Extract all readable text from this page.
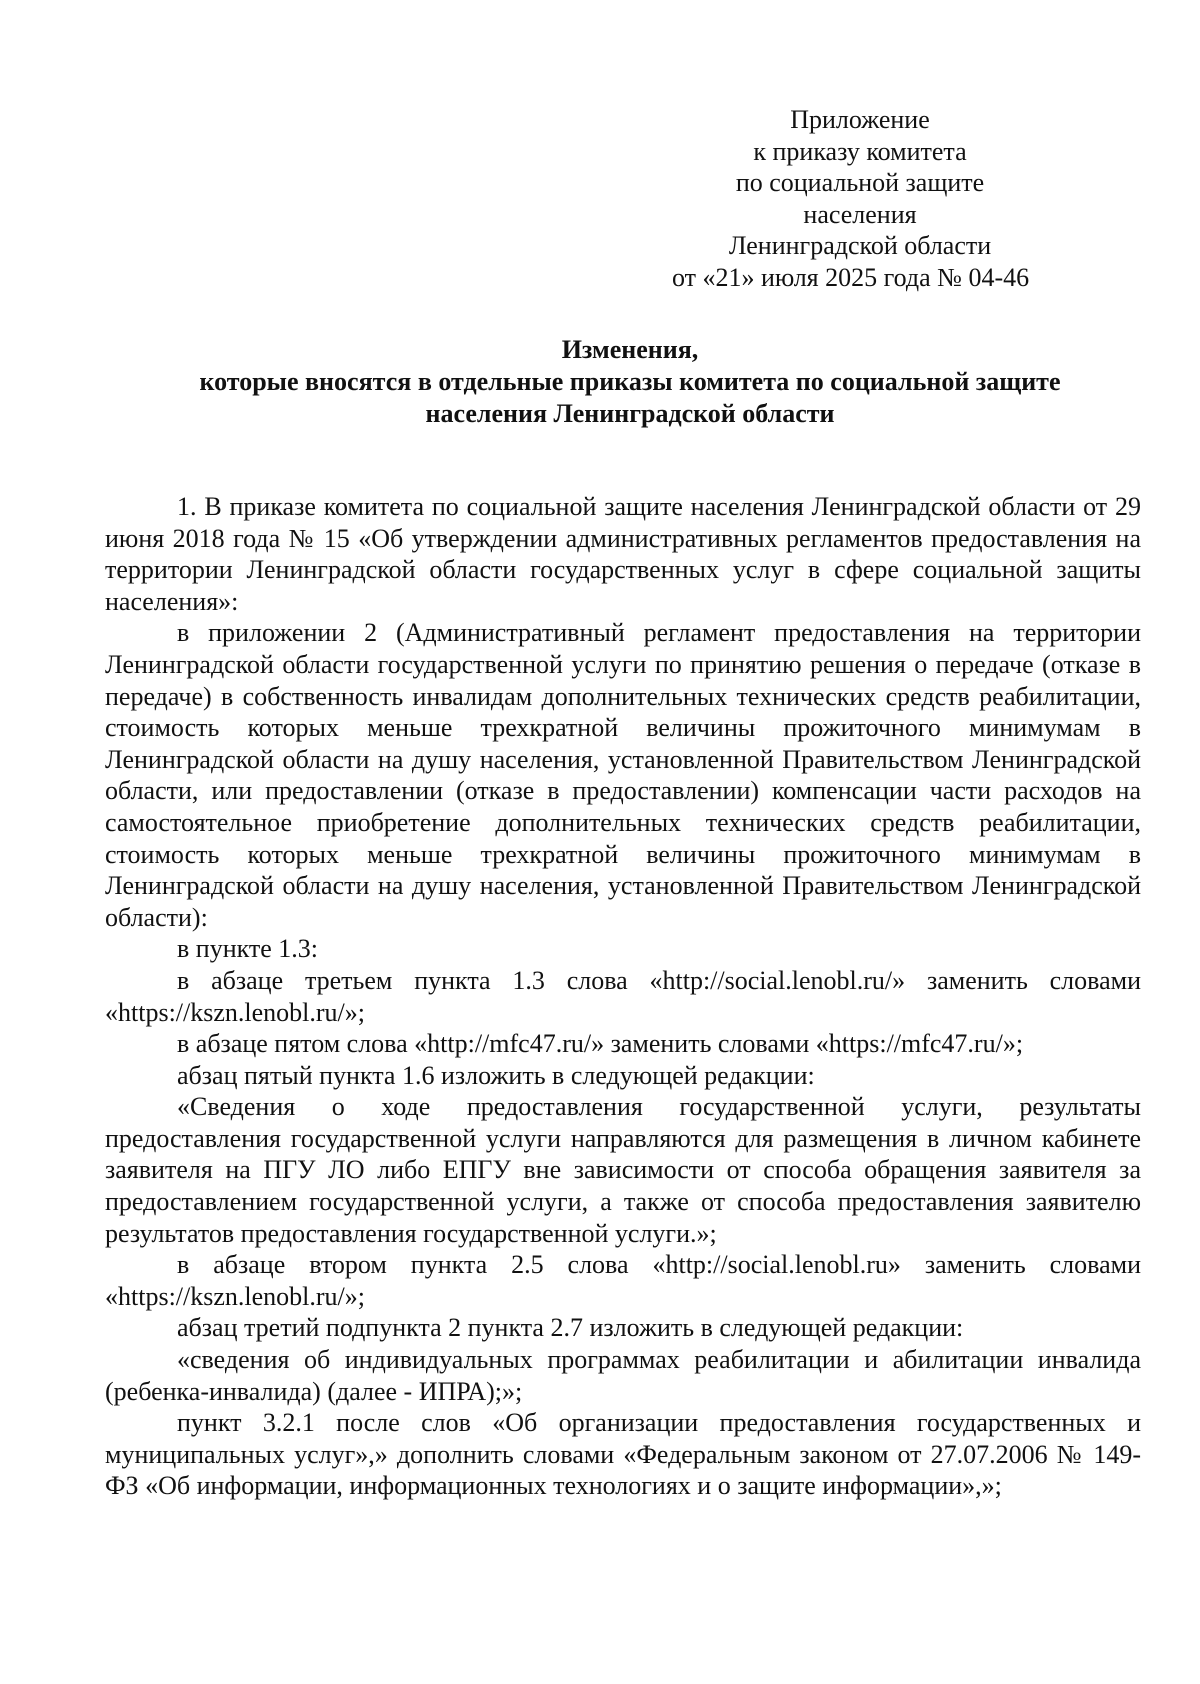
Приложение
к приказу комитета
по социальной защите
населения
Ленинградской области
от «21» июля 2025 года № 04-46
Изменения,
которые вносятся в отдельные приказы комитета по социальной защите
населения Ленинградской области

1. В приказе комитета по социальной защите населения Ленинградской области от 29 июня 2018 года № 15 «Об утверждении административных регламентов предоставления на территории Ленинградской области государственных услуг в сфере социальной защиты населения»:

в приложении 2 (Административный регламент предоставления на территории Ленинградской области государственной услуги по принятию решения о передаче (отказе в передаче) в собственность инвалидам дополнительных технических средств реабилитации, стоимость которых меньше трехкратной величины прожиточного минимумам в Ленинградской области на душу населения, установленной Правительством Ленинградской области, или предоставлении (отказе в предоставлении) компенсации части расходов на самостоятельное приобретение дополнительных технических средств реабилитации, стоимость которых меньше трехкратной величины прожиточного минимумам в Ленинградской области на душу населения, установленной Правительством Ленинградской области):

в пункте 1.3:

в абзаце третьем пункта 1.3 слова «http://social.lenobl.ru/» заменить словами «https://kszn.lenobl.ru/»;

в абзаце пятом слова «http://mfc47.ru/» заменить словами «https://mfc47.ru/»;

абзац пятый пункта 1.6 изложить в следующей редакции:

«Сведения о ходе предоставления государственной услуги, результаты предоставления государственной услуги направляются для размещения в личном кабинете заявителя на ПГУ ЛО либо ЕПГУ вне зависимости от способа обращения заявителя за предоставлением государственной услуги, а также от способа предоставления заявителю результатов предоставления государственной услуги.»;

в абзаце втором пункта 2.5 слова «http://social.lenobl.ru» заменить словами «https://kszn.lenobl.ru/»;

абзац третий подпункта 2 пункта 2.7 изложить в следующей редакции:

«сведения об индивидуальных программах реабилитации и абилитации инвалида (ребенка-инвалида) (далее - ИПРА);»;

пункт 3.2.1 после слов «Об организации предоставления государственных и муниципальных услуг»,» дополнить словами «Федеральным законом от 27.07.2006 № 149-ФЗ «Об информации, информационных технологиях и о защите информации»,»;
